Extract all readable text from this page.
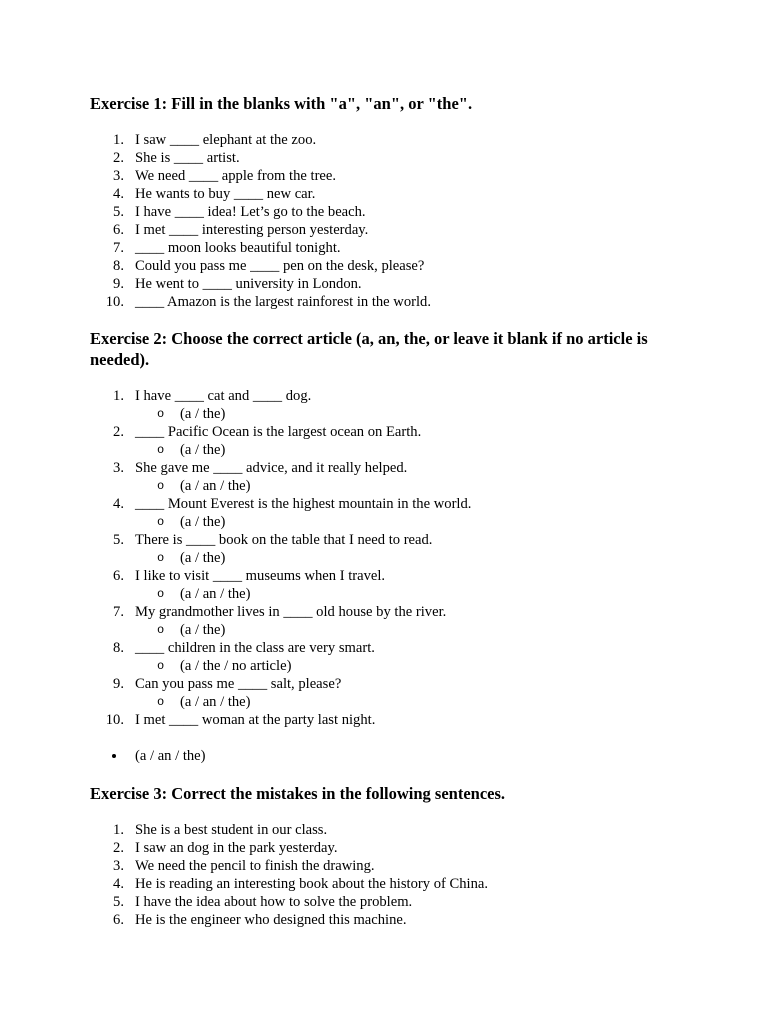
Exercise 1: Fill in the blanks with "a", "an", or "the".
1. I saw ____ elephant at the zoo.
2. She is ____ artist.
3. We need ____ apple from the tree.
4. He wants to buy ____ new car.
5. I have ____ idea! Let’s go to the beach.
6. I met ____ interesting person yesterday.
7. ____ moon looks beautiful tonight.
8. Could you pass me ____ pen on the desk, please?
9. He went to ____ university in London.
10. ____ Amazon is the largest rainforest in the world.
Exercise 2: Choose the correct article (a, an, the, or leave it blank if no article is needed).
1. I have ____ cat and ____ dog.
o (a / the)
2. ____ Pacific Ocean is the largest ocean on Earth.
o (a / the)
3. She gave me ____ advice, and it really helped.
o (a / an / the)
4. ____ Mount Everest is the highest mountain in the world.
o (a / the)
5. There is ____ book on the table that I need to read.
o (a / the)
6. I like to visit ____ museums when I travel.
o (a / an / the)
7. My grandmother lives in ____ old house by the river.
o (a / the)
8. ____ children in the class are very smart.
o (a / the / no article)
9. Can you pass me ____ salt, please?
o (a / an / the)
10. I met ____ woman at the party last night.
(a / an / the)
Exercise 3: Correct the mistakes in the following sentences.
1. She is a best student in our class.
2. I saw an dog in the park yesterday.
3. We need the pencil to finish the drawing.
4. He is reading an interesting book about the history of China.
5. I have the idea about how to solve the problem.
6. He is the engineer who designed this machine.
